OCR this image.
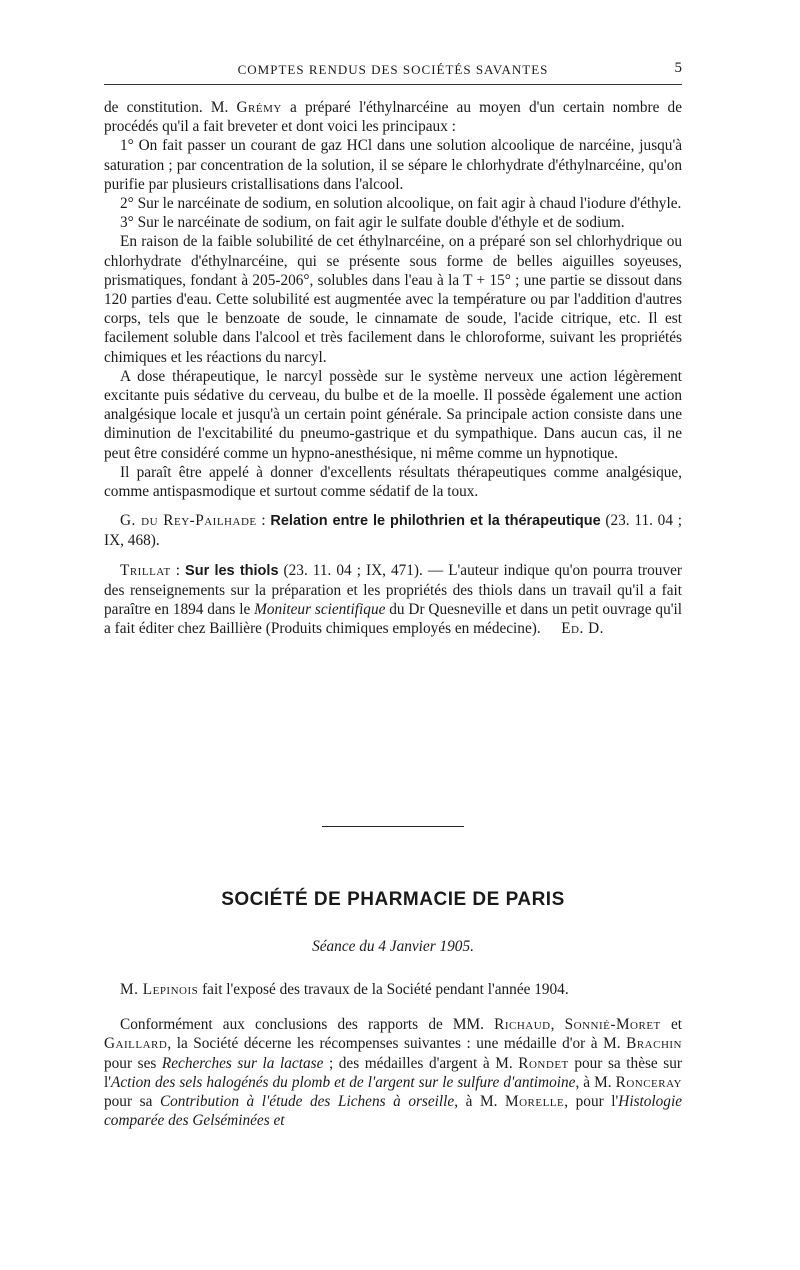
COMPTES RENDUS DES SOCIÉTÉS SAVANTES	5

de constitution. M. Grémy a préparé l'éthylnarcéine au moyen d'un certain nombre de procédés qu'il a fait breveter et dont voici les principaux :

1° On fait passer un courant de gaz HCl dans une solution alcoolique de narcéine, jusqu'à saturation ; par concentration de la solution, il se sépare le chlorhydrate d'éthylnarcéine, qu'on purifie par plusieurs cristallisations dans l'alcool.

2° Sur le narcéinate de sodium, en solution alcoolique, on fait agir à chaud l'iodure d'éthyle.

3° Sur le narcéinate de sodium, on fait agir le sulfate double d'éthyle et de sodium.

En raison de la faible solubilité de cet éthylnarcéine, on a préparé son sel chlorhydrique ou chlorhydrate d'éthylnarcéine, qui se présente sous forme de belles aiguilles soyeuses, prismatiques, fondant à 205-206°, solubles dans l'eau à la T + 15° ; une partie se dissout dans 120 parties d'eau. Cette solubilité est augmentée avec la température ou par l'addition d'autres corps, tels que le benzoate de soude, le cinnamate de soude, l'acide citrique, etc. Il est facilement soluble dans l'alcool et très facilement dans le chloroforme, suivant les propriétés chimiques et les réactions du narcyl.

A dose thérapeutique, le narcyl possède sur le système nerveux une action légèrement excitante puis sédative du cerveau, du bulbe et de la moelle. Il possède également une action analgésique locale et jusqu'à un certain point générale. Sa principale action consiste dans une diminution de l'excitabilité du pneumo-gastrique et du sympathique. Dans aucun cas, il ne peut être considéré comme un hypno-anesthésique, ni même comme un hypnotique.

Il paraît être appelé à donner d'excellents résultats thérapeutiques comme analgésique, comme antispasmodique et surtout comme sédatif de la toux.

G. du Rey-Pailhade : Relation entre le philothrien et la thérapeutique (23. 11. 04 ; IX, 468).

Trillat : Sur les thiols (23. 11. 04 ; IX, 471). — L'auteur indique qu'on pourra trouver des renseignements sur la préparation et les propriétés des thiols dans un travail qu'il a fait paraître en 1894 dans le Moniteur scientifique du Dr Quesneville et dans un petit ouvrage qu'il a fait éditer chez Baillière (Produits chimiques employés en médecine).	Ed. D.

SOCIÉTÉ DE PHARMACIE DE PARIS
Séance du 4 Janvier 1905.

M. Lepinois fait l'exposé des travaux de la Société pendant l'année 1904.

Conformément aux conclusions des rapports de MM. Richaud, Sonnié-Moret et Gaillard, la Société décerne les récompenses suivantes : une médaille d'or à M. Brachin pour ses Recherches sur la lactase ; des médailles d'argent à M. Rondet pour sa thèse sur l'Action des sels halogénés du plomb et de l'argent sur le sulfure d'antimoine, à M. Ronceray pour sa Contribution à l'étude des Lichens à orseille, à M. Morelle, pour l'Histologie comparée des Gelséminées et
